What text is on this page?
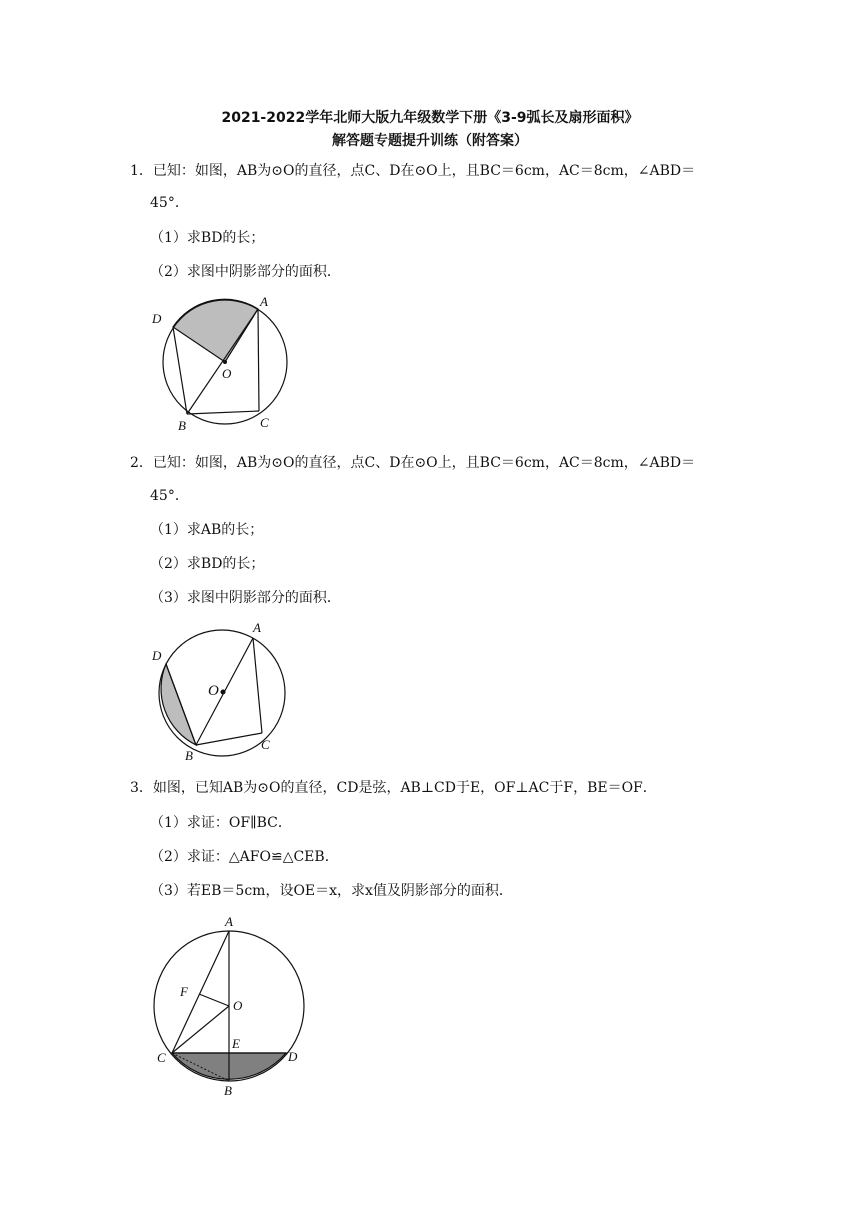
2021-2022学年北师大版九年级数学下册《3-9弧长及扇形面积》
解答题专题提升训练（附答案）
1．已知：如图，AB为⊙O的直径，点C、D在⊙O上，且BC＝6cm，AC＝8cm，∠ABD＝
45°．
（1）求BD的长；
（2）求图中阴影部分的面积．
A
D
O
B	C
2．已知：如图，AB为⊙O的直径，点C、D在⊙O上，且BC＝6cm，AC＝8cm，∠ABD＝
45°．
（1）求AB的长；
（2）求BD的长；
（3）求图中阴影部分的面积．
A
D
O
B
C
3．如图，已知AB为⊙O的直径，CD是弦，AB⊥CD于E，OF⊥AC于F，BE＝OF．
（1）求证：OF∥BC．
（2）求证：△AFO≌△CEB．
（3）若EB＝5cm，设OE＝x，求x值及阴影部分的面积．
A
F
O
E
C	D
B
